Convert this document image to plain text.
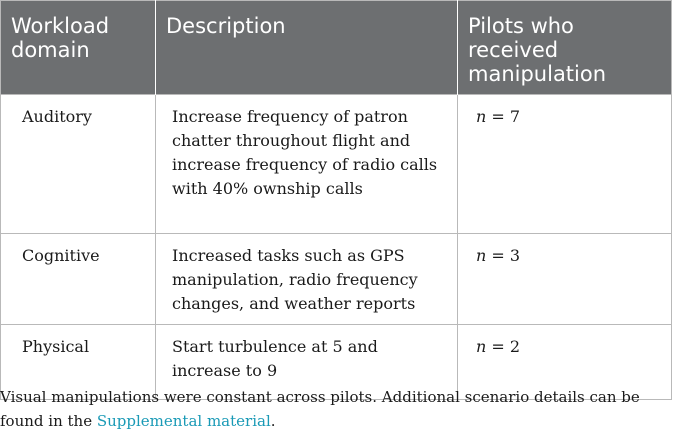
Workload domain	Description	Pilots who received manipulation
Auditory	Increase frequency of patron chatter throughout flight and increase frequency of radio calls with 40% ownship calls	n = 7
Cognitive	Increased tasks such as GPS manipulation, radio frequency changes, and weather reports	n = 3
Physical	Start turbulence at 5 and increase to 9	n = 2
Visual manipulations were constant across pilots. Additional scenario details can be found in the Supplemental material.
